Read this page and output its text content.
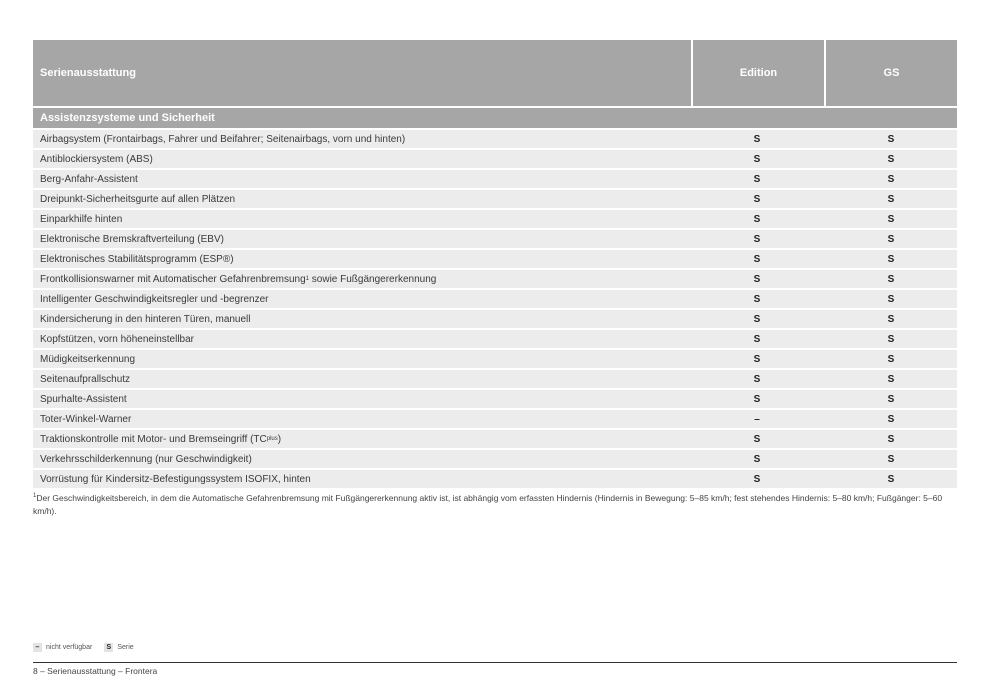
Serienausstattung	Edition	GS
Assistenzsysteme und Sicherheit
Airbagsystem (Frontairbags, Fahrer und Beifahrer; Seitenairbags, vorn und hinten)	S	S
Antiblockiersystem (ABS)	S	S
Berg-Anfahr-Assistent	S	S
Dreipunkt-Sicherheitsgurte auf allen Plätzen	S	S
Einparkhilfe hinten	S	S
Elektronische Bremskraftverteilung (EBV)	S	S
Elektronisches Stabilitätsprogramm (ESP®)	S	S
Frontkollisionswarner mit Automatischer Gefahrenbremsung 1 sowie Fußgängererkennung	S	S
Intelligenter Geschwindigkeitsregler und -begrenzer	S	S
Kindersicherung in den hinteren Türen, manuell	S	S
Kopfstützen, vorn höheneinstellbar	S	S
Müdigkeitserkennung	S	S
Seitenaufprallschutz	S	S
Spurhalte-Assistent	S	S
Toter-Winkel-Warner	–	S
Traktionskontrolle mit Motor- und Bremseingriff (TC plus )	S	S
Verkehrsschilderkennung (nur Geschwindigkeit)	S	S
Vorrüstung für Kindersitz-Befestigungssystem ISOFIX, hinten	S	S
$^1$Der Geschwindigkeitsbereich, in dem die Automatische Gefahrenbremsung mit Fußgängererkennung aktiv ist, ist abhängig vom erfassten Hindernis (Hindernis in Bewegung: 5–85 km/h; fest stehendes Hindernis: 5–80 km/h; Fußgänger: 5–60 km/h).
– nicht verfügbar	S Serie
8 – Serienausstattung – Frontera
